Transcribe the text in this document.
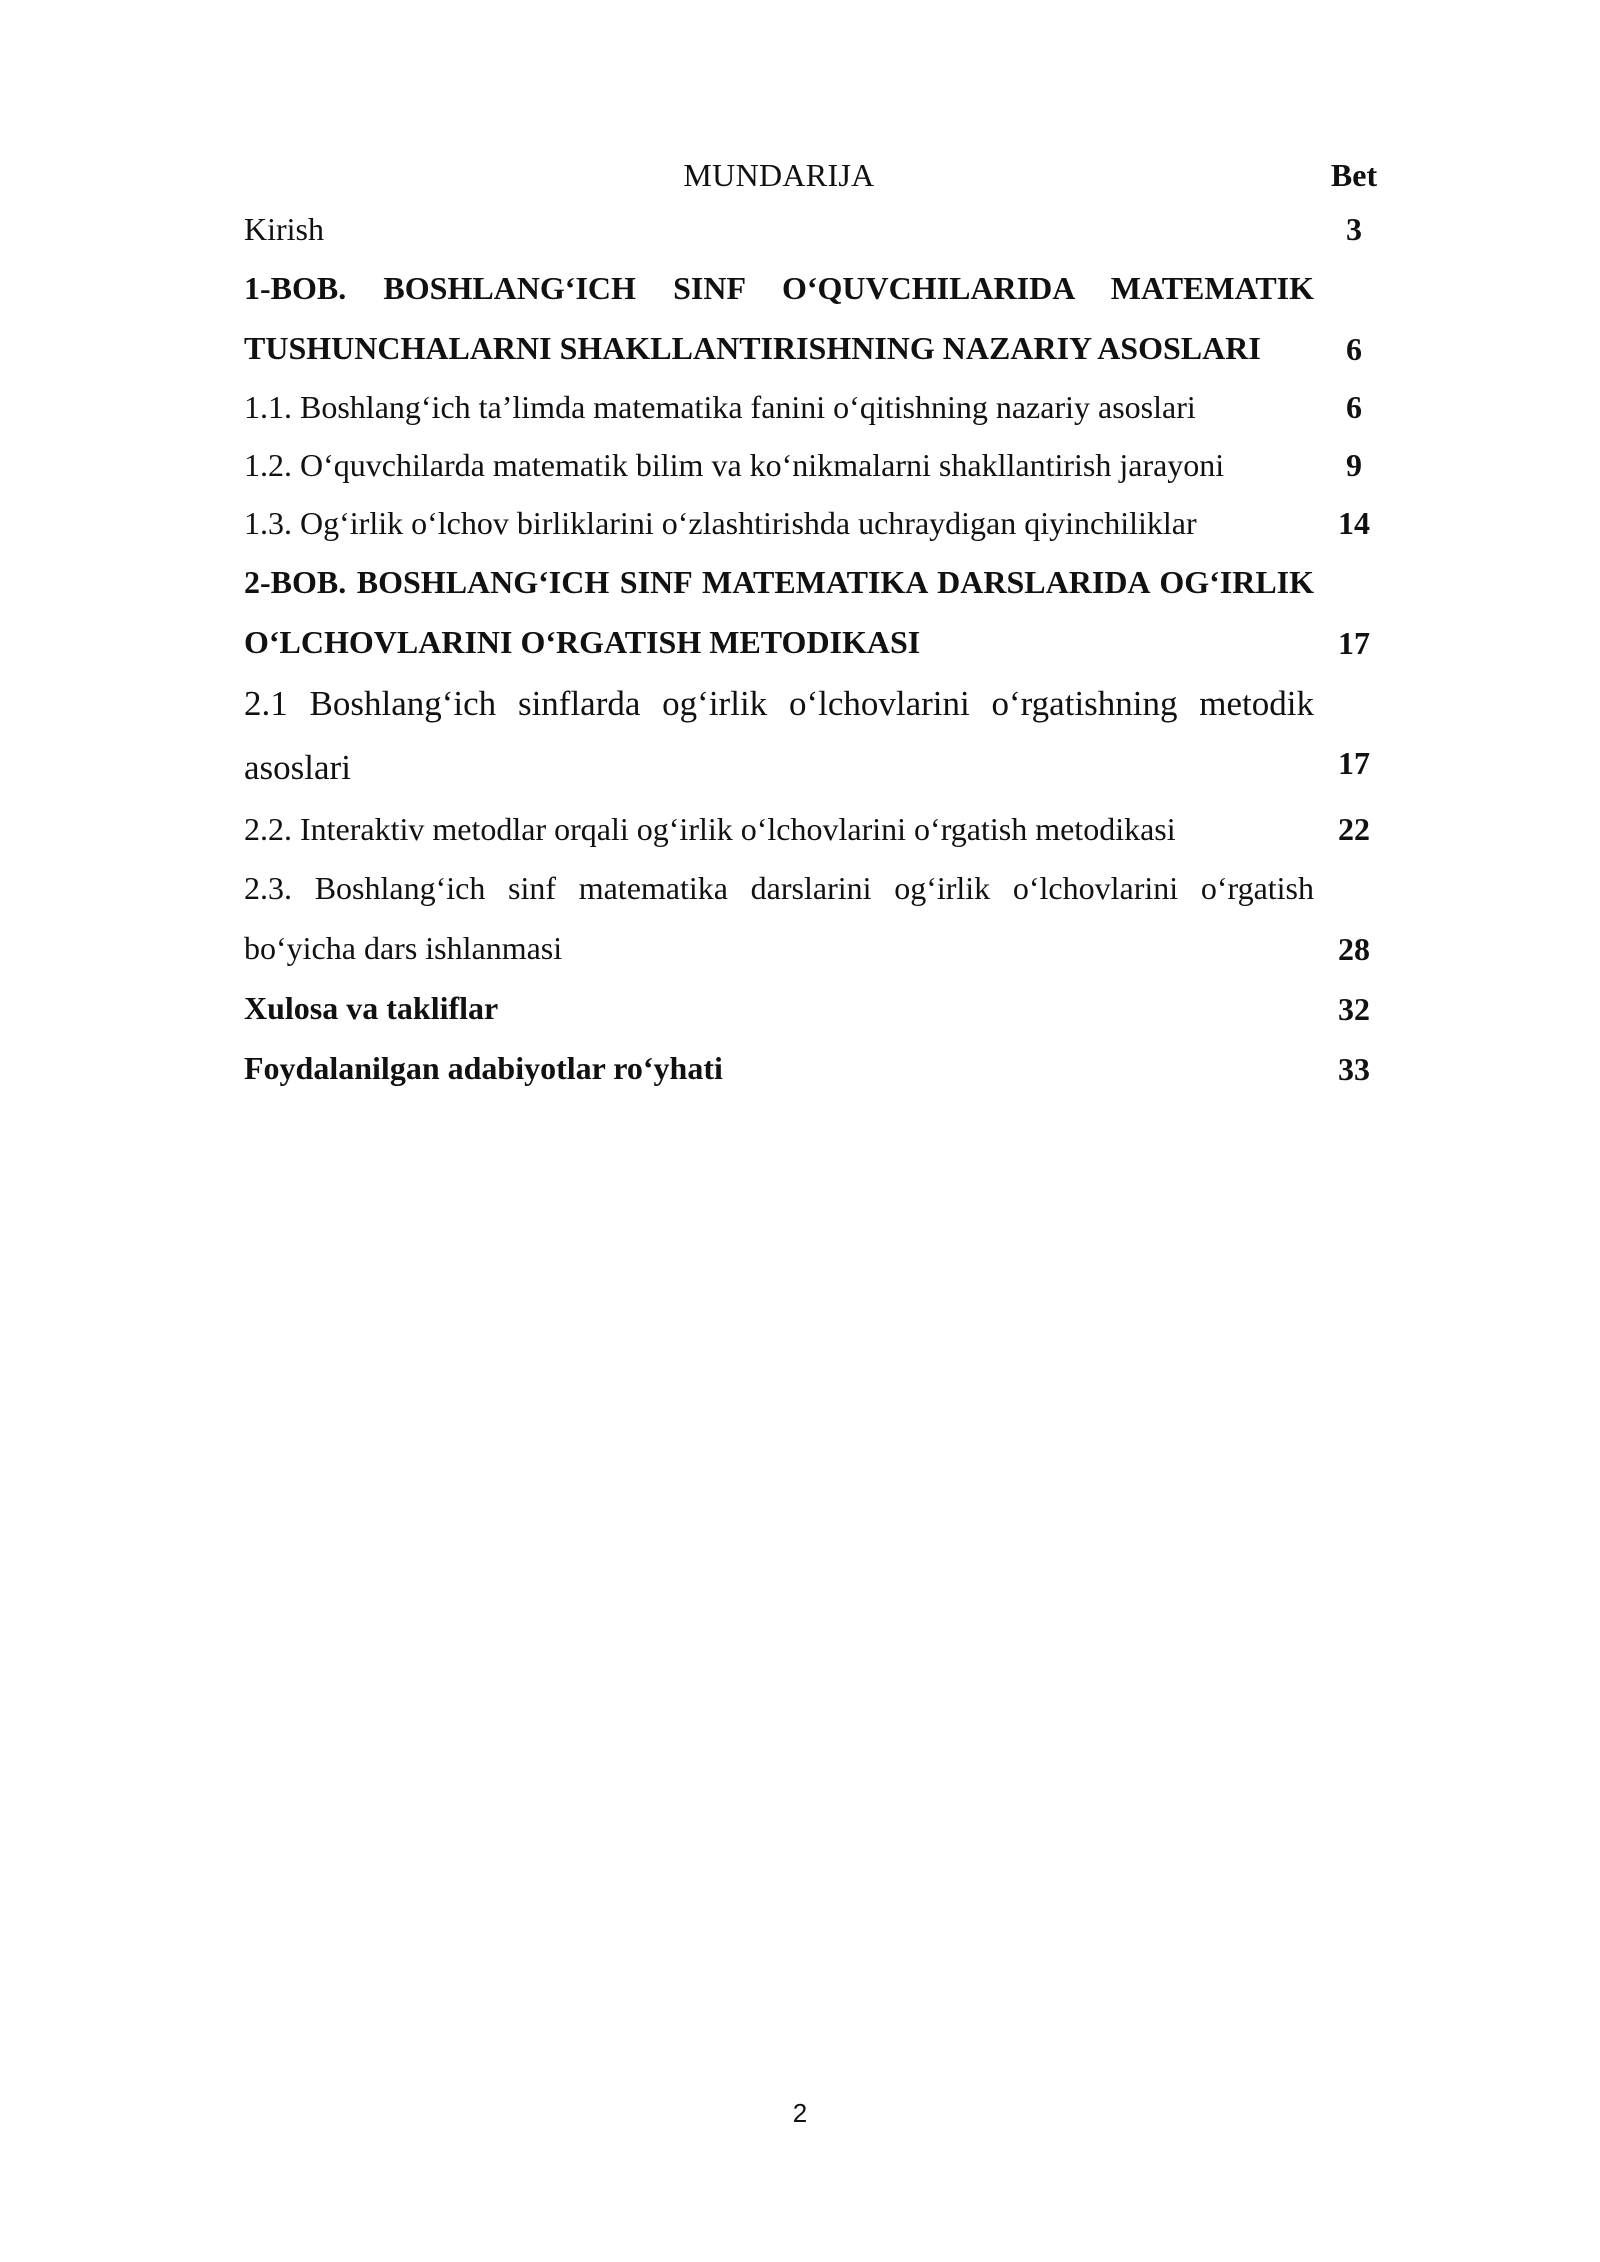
MUNDARIJA	Bet
Kirish	3
1-BOB. BOSHLANG‘ICH SINF O‘QUVCHILARIDA MATEMATIK TUSHUNCHALARNI SHAKLLANTIRISHNING NAZARIY ASOSLARI	6
1.1. Boshlang‘ich ta’limda matematika fanini o‘qitishning nazariy asoslari	6
1.2. O‘quvchilarda matematik bilim va ko‘nikmalarni shakllantirish jarayoni	9
1.3. Og‘irlik o‘lchov birliklarini o‘zlashtirishda uchraydigan qiyinchiliklar	14
2-BOB. BOSHLANG‘ICH SINF MATEMATIKA DARSLARIDA OG‘IRLIK O‘LCHOVLARINI O‘RGATISH METODIKASI	17
2.1 Boshlang‘ich sinflarda og‘irlik o‘lchovlarini o‘rgatishning metodik asoslari	17
2.2. Interaktiv metodlar orqali og‘irlik o‘lchovlarini o‘rgatish metodikasi	22
2.3. Boshlang‘ich sinf matematika darslarini og‘irlik o‘lchovlarini o‘rgatish bo‘yicha dars ishlanmasi	28
Xulosa va takliflar	32
Foydalanilgan adabiyotlar ro‘yhati	33
2
